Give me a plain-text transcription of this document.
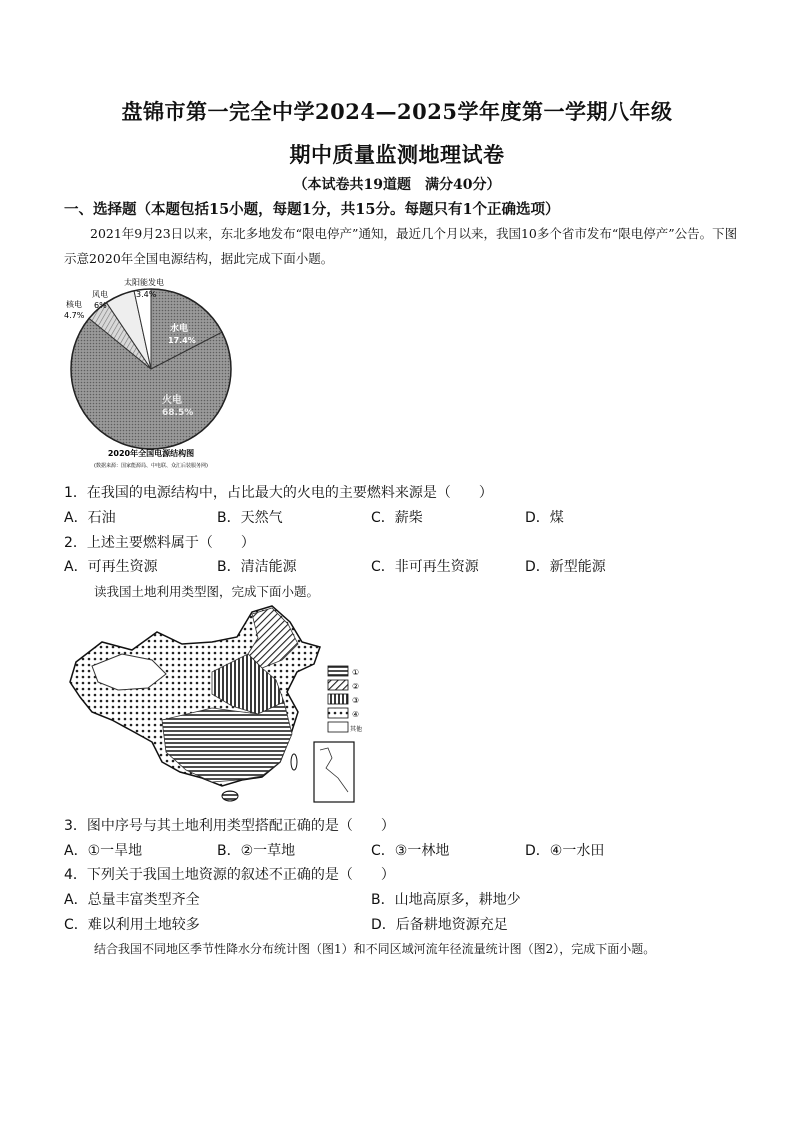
盘锦市第一完全中学2024—2025学年度第一学期八年级
期中质量监测地理试卷
（本试卷共19道题　满分40分）
一、选择题（本题包括15小题，每题1分，共15分。每题只有1个正确选项）
2021年9月23日以来，东北多地发布“限电停产”通知，最近几个月以来，我国10多个省市发布“限电停产”公告。下图示意2020年全国电源结构，据此完成下面小题。
水电
17.4%
火电
68.5%
核电
4.7%
风电
6%
太阳能发电
3.4%
2020年全国电源结构图
(数据来源：国家能源局、中电联、众汇后装服务网)
1．在我国的电源结构中，占比最大的火电的主要燃料来源是（　　）
A．石油	B．天然气	C．薪柴	D．煤
2．上述主要燃料属于（　　）
A．可再生资源	B．清洁能源	C．非可再生资源	D．新型能源
读我国土地利用类型图，完成下面小题。
①
②
③
④
其他
3．图中序号与其土地利用类型搭配正确的是（　　）
A．①一旱地	B．②一草地	C．③一林地	D．④一水田
4．下列关于我国土地资源的叙述不正确的是（　　）
A．总量丰富类型齐全	B．山地高原多，耕地少
C．难以利用土地较多	D．后备耕地资源充足
结合我国不同地区季节性降水分布统计图（图1）和不同区域河流年径流量统计图（图2），完成下面小题。
